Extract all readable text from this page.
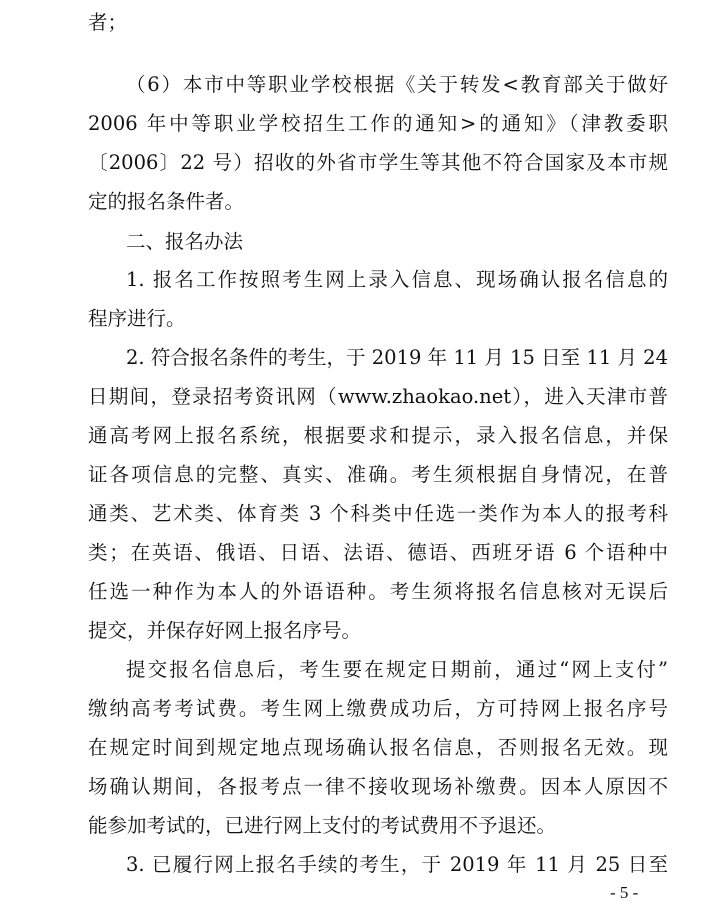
者；
（6）本市中等职业学校根据《关于转发<教育部关于做好
2006 年中等职业学校招生工作的通知>的通知》（津教委职
〔2006〕22 号）招收的外省市学生等其他不符合国家及本市规
定的报名条件者。
二、报名办法
1. 报名工作按照考生网上录入信息、现场确认报名信息的
程序进行。
2. 符合报名条件的考生，于 2019 年 11 月 15 日至 11 月 24
日期间，登录招考资讯网（www.zhaokao.net），进入天津市普
通高考网上报名系统，根据要求和提示，录入报名信息，并保
证各项信息的完整、真实、准确。考生须根据自身情况，在普
通类、艺术类、体育类 3 个科类中任选一类作为本人的报考科
类；在英语、俄语、日语、法语、德语、西班牙语 6 个语种中
任选一种作为本人的外语语种。考生须将报名信息核对无误后
提交，并保存好网上报名序号。
提交报名信息后，考生要在规定日期前，通过“网上支付”
缴纳高考考试费。考生网上缴费成功后，方可持网上报名序号
在规定时间到规定地点现场确认报名信息，否则报名无效。现
场确认期间，各报考点一律不接收现场补缴费。因本人原因不
能参加考试的，已进行网上支付的考试费用不予退还。
3. 已履行网上报名手续的考生，于 2019 年 11 月 25 日至
- 5 -
